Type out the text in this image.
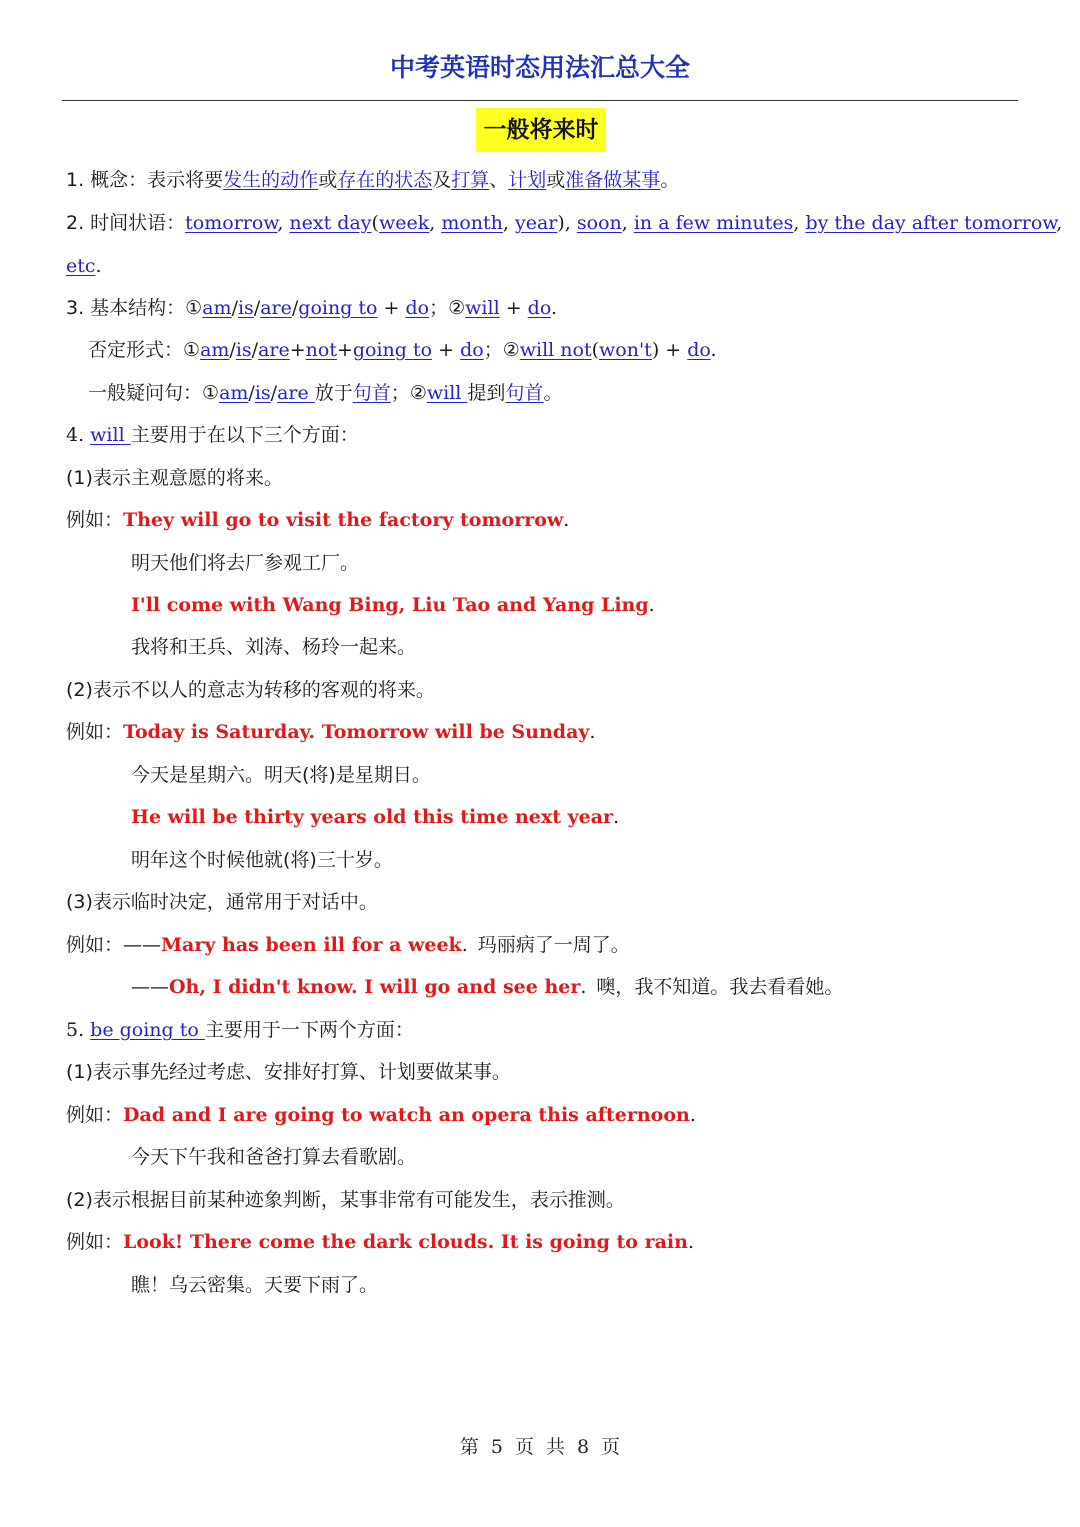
中考英语时态用法汇总大全
一般将来时
1. 概念：表示将要发生的动作或存在的状态及打算、计划或准备做某事。
2. 时间状语：tomorrow, next day(week, month, year), soon, in a few minutes, by the day after tomorrow,
etc.
3. 基本结构：①am/is/are/going to + do；②will + do.
否定形式：①am/is/are+not+going to + do；②will not(won't) + do.
一般疑问句：①am/is/are 放于句首；②will 提到句首。
4. will 主要用于在以下三个方面：
(1)表示主观意愿的将来。
例如：They will go to visit the factory tomorrow.
明天他们将去厂参观工厂。
I'll come with Wang Bing, Liu Tao and Yang Ling.
我将和王兵、刘涛、杨玲一起来。
(2)表示不以人的意志为转移的客观的将来。
例如：Today is Saturday. Tomorrow will be Sunday.
今天是星期六。明天(将)是星期日。
He will be thirty years old this time next year.
明年这个时候他就(将)三十岁。
(3)表示临时决定，通常用于对话中。
例如：——Mary has been ill for a week. 玛丽病了一周了。
——Oh, I didn't know. I will go and see her. 噢，我不知道。我去看看她。
5. be going to 主要用于一下两个方面：
(1)表示事先经过考虑、安排好打算、计划要做某事。
例如：Dad and I are going to watch an opera this afternoon.
今天下午我和爸爸打算去看歌剧。
(2)表示根据目前某种迹象判断，某事非常有可能发生，表示推测。
例如：Look! There come the dark clouds. It is going to rain.
瞧！乌云密集。天要下雨了。
第 5 页 共 8 页
